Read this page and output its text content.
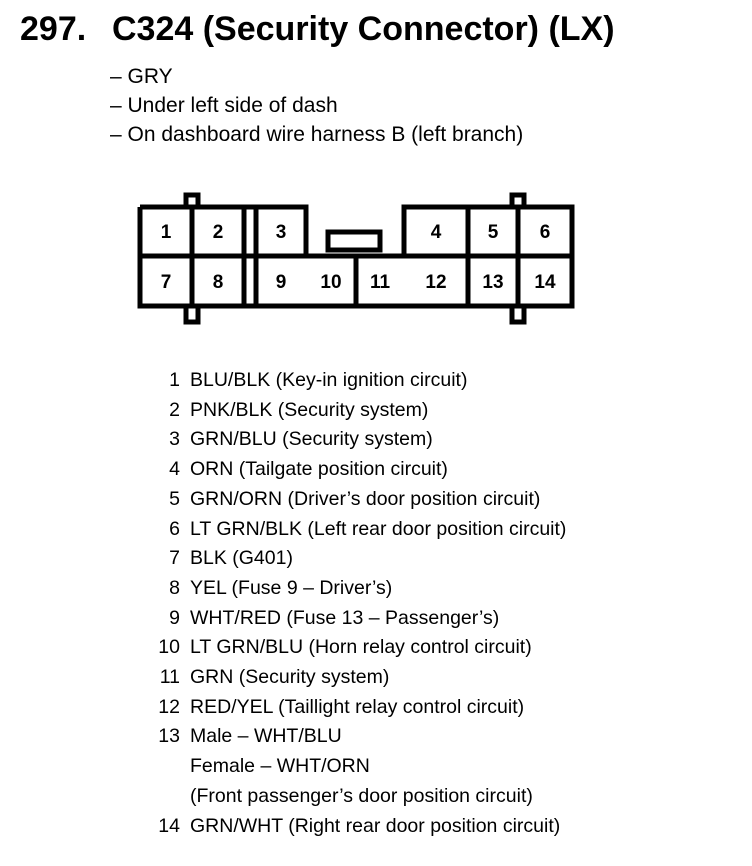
297. C324 (Security Connector) (LX)
– GRY
– Under left side of dash
– On dashboard wire harness B (left branch)
1 2	3	4 5 6
7 8	9 10 11 12 13 14
1 BLU/BLK (Key-in ignition circuit)
2 PNK/BLK (Security system)
3 GRN/BLU (Security system)
4 ORN (Tailgate position circuit)
5 GRN/ORN (Driver’s door position circuit)
6 LT GRN/BLK (Left rear door position circuit)
7 BLK (G401)
8 YEL (Fuse 9 – Driver’s)
9 WHT/RED (Fuse 13 – Passenger’s)
10 LT GRN/BLU (Horn relay control circuit)
11 GRN (Security system)
12 RED/YEL (Taillight relay control circuit)
13 Male – WHT/BLU
Female – WHT/ORN
(Front passenger’s door position circuit)
14 GRN/WHT (Right rear door position circuit)
